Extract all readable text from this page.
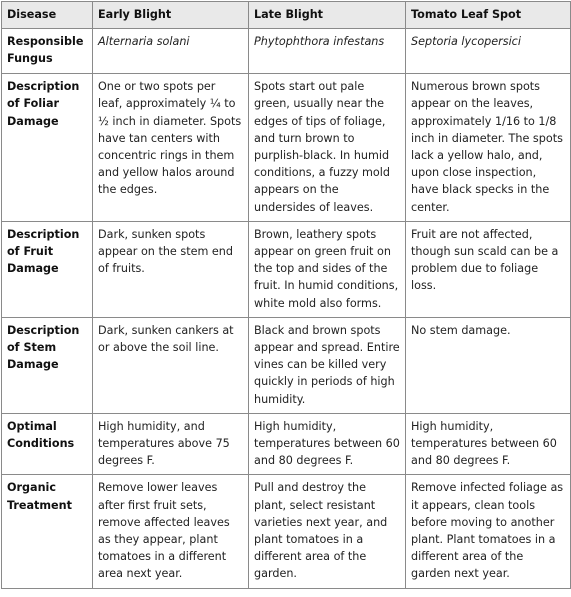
Disease	Early Blight	Late Blight	Tomato Leaf Spot
Responsible Fungus	Alternaria solani	Phytophthora infestans	Septoria lycopersici
Description of Foliar Damage	One or two spots per leaf, approximately ¼ to ½ inch in diameter. Spots have tan centers with concentric rings in them and yellow halos around the edges.	Spots start out pale green, usually near the edges of tips of foliage, and turn brown to purplish-black. In humid conditions, a fuzzy mold appears on the undersides of leaves.	Numerous brown spots appear on the leaves, approximately 1/16 to 1/8 inch in diameter. The spots lack a yellow halo, and, upon close inspection, have black specks in the center.
Description of Fruit Damage	Dark, sunken spots appear on the stem end of fruits.	Brown, leathery spots appear on green fruit on the top and sides of the fruit. In humid conditions, white mold also forms.	Fruit are not affected, though sun scald can be a problem due to foliage loss.
Description of Stem Damage	Dark, sunken cankers at or above the soil line.	Black and brown spots appear and spread. Entire vines can be killed very quickly in periods of high humidity.	No stem damage.
Optimal Conditions	High humidity, and temperatures above 75 degrees F.	High humidity, temperatures between 60 and 80 degrees F.	High humidity, temperatures between 60 and 80 degrees F.
Organic Treatment	Remove lower leaves after first fruit sets, remove affected leaves as they appear, plant tomatoes in a different area next year.	Pull and destroy the plant, select resistant varieties next year, and plant tomatoes in a different area of the garden.	Remove infected foliage as it appears, clean tools before moving to another plant. Plant tomatoes in a different area of the garden next year.
